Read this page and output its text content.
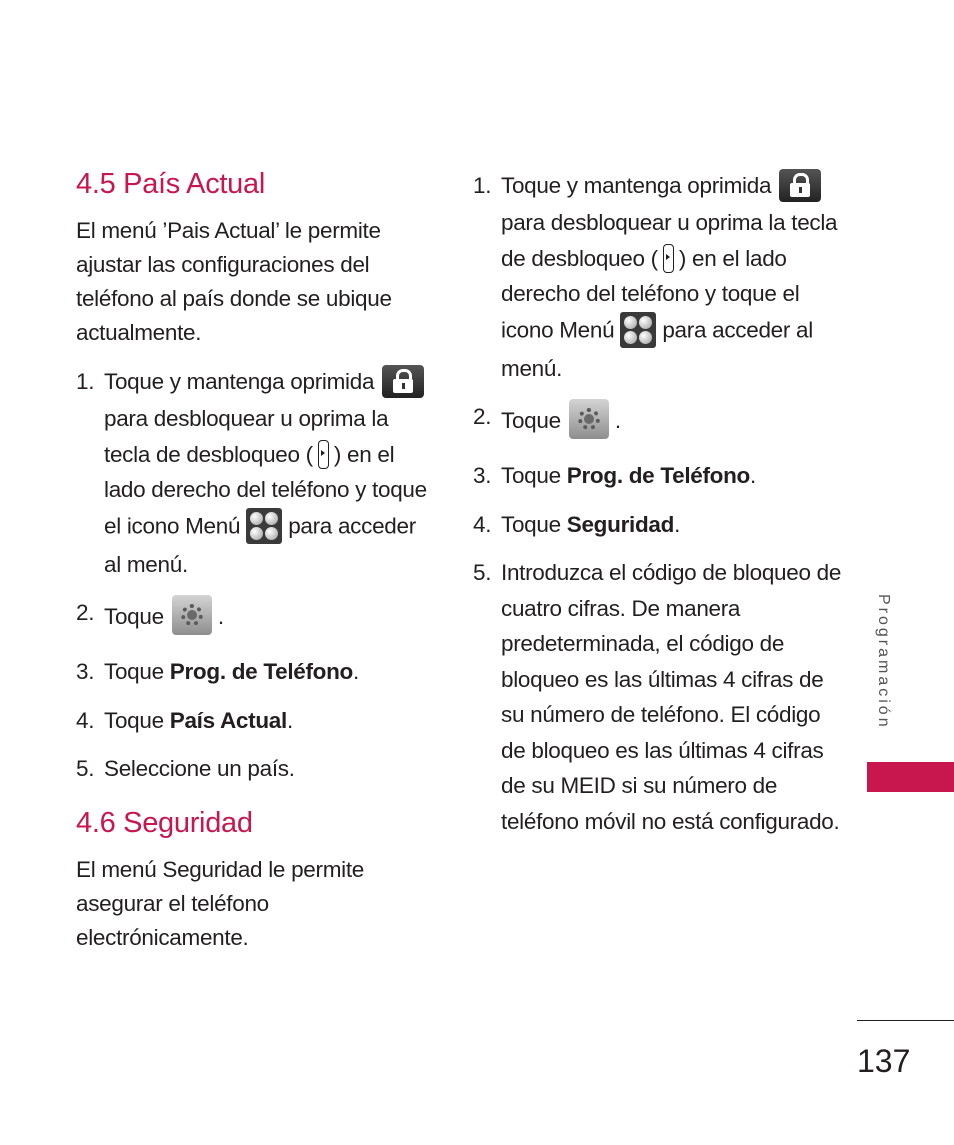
4.5 País Actual

El menú ’Pais Actual’ le permite ajustar las configuraciones del teléfono al país donde se ubique actualmente.

1. Toque y mantenga oprimida
para desbloquear u oprima la tecla de desbloqueo ( ) en el lado derecho del teléfono y toque el icono Menú para acceder al menú.
2. Toque .
3. Toque Prog. de Teléfono.
4. Toque País Actual.
5. Seleccione un país.
4.6 Seguridad

El menú Seguridad le permite asegurar el teléfono electrónicamente.

1. Toque y mantenga oprimida
para desbloquear u oprima la tecla de desbloqueo ( ) en el lado derecho del teléfono y toque el icono Menú para acceder al menú.
2. Toque .
3. Toque Prog. de Teléfono.
4. Toque Seguridad.
5. Introduzca el código de bloqueo de cuatro cifras. De manera predeterminada, el código de bloqueo es las últimas 4 cifras de su número de teléfono. El código de bloqueo es las últimas 4 cifras de su MEID si su número de teléfono móvil no está configurado.
Programación
137
